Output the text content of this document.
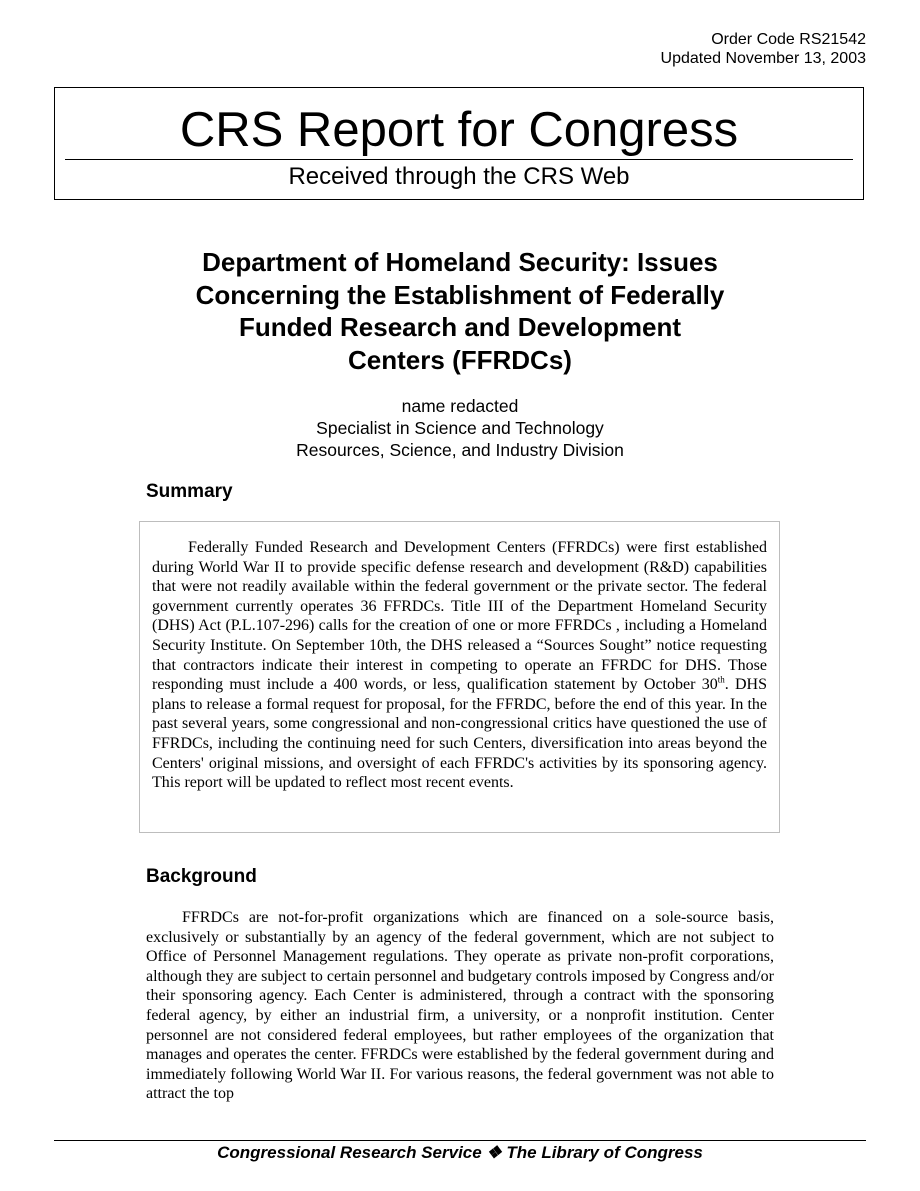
Order Code RS21542
Updated November 13, 2003
CRS Report for Congress
Received through the CRS Web
Department of Homeland Security: Issues
Concerning the Establishment of Federally
Funded Research and Development
Centers (FFRDCs)
name redacted
Specialist in Science and Technology
Resources, Science, and Industry Division
Summary

Federally Funded Research and Development Centers (FFRDCs) were first established during World War II to provide specific defense research and development (R&D) capabilities that were not readily available within the federal government or the private sector. The federal government currently operates 36 FFRDCs. Title III of the Department Homeland Security (DHS) Act (P.L.107-296) calls for the creation of one or more FFRDCs , including a Homeland Security Institute. On September 10th, the DHS released a “Sources Sought” notice requesting that contractors indicate their interest in competing to operate an FFRDC for DHS. Those responding must include a 400 words, or less, qualification statement by October 30th. DHS plans to release a formal request for proposal, for the FFRDC, before the end of this year. In the past several years, some congressional and non-congressional critics have questioned the use of FFRDCs, including the continuing need for such Centers, diversification into areas beyond the Centers' original missions, and oversight of each FFRDC's activities by its sponsoring agency. This report will be updated to reflect most recent events.

Background

FFRDCs are not-for-profit organizations which are financed on a sole-source basis, exclusively or substantially by an agency of the federal government, which are not subject to Office of Personnel Management regulations. They operate as private non-profit corporations, although they are subject to certain personnel and budgetary controls imposed by Congress and/or their sponsoring agency. Each Center is administered, through a contract with the sponsoring federal agency, by either an industrial firm, a university, or a nonprofit institution. Center personnel are not considered federal employees, but rather employees of the organization that manages and operates the center. FFRDCs were established by the federal government during and immediately following World War II. For various reasons, the federal government was not able to attract the top

Congressional Research Service ❖ The Library of Congress
